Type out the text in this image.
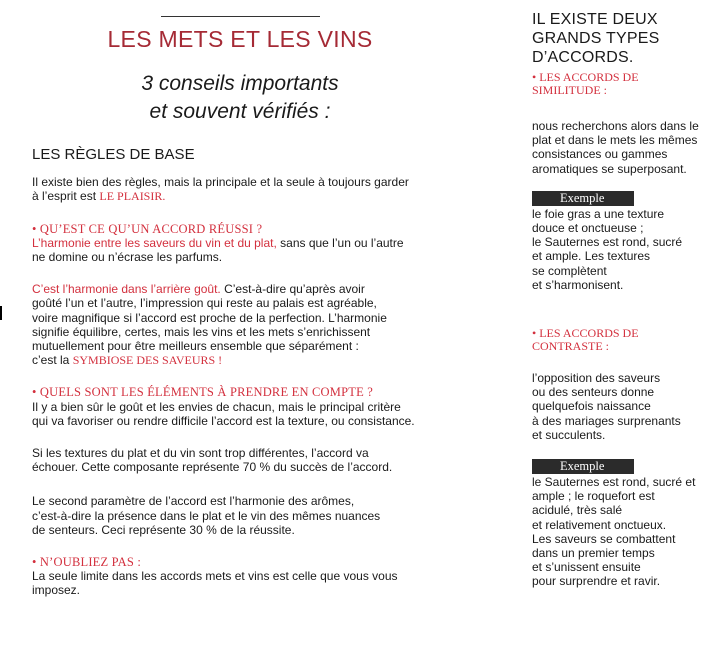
LES METS ET LES VINS
3 conseils importants
et souvent vérifiés :
LES RÈGLES DE BASE

Il existe bien des règles, mais la principale et la seule à toujours garder
à l’esprit est LE PLAISIR.

• QU’EST CE QU’UN ACCORD RÉUSSI ?

L’harmonie entre les saveurs du vin et du plat, sans que l’un ou l’autre
ne domine ou n’écrase les parfums.

C’est l’harmonie dans l’arrière goût. C’est-à-dire qu’après avoir
goûté l’un et l’autre, l’impression qui reste au palais est agréable,
voire magnifique si l’accord est proche de la perfection. L’harmonie
signifie équilibre, certes, mais les vins et les mets s’enrichissent
mutuellement pour être meilleurs ensemble que séparément :
c’est la SYMBIOSE DES SAVEURS !

• QUELS SONT LES ÉLÉMENTS À PRENDRE EN COMPTE ?

Il y a bien sûr le goût et les envies de chacun, mais le principal critère
qui va favoriser ou rendre difficile l’accord est la texture, ou consistance.

Si les textures du plat et du vin sont trop différentes, l’accord va
échouer. Cette composante représente 70 % du succès de l’accord.

Le second paramètre de l’accord est l’harmonie des arômes,
c’est-à-dire la présence dans le plat et le vin des mêmes nuances
de senteurs. Ceci représente 30 % de la réussite.

• N’OUBLIEZ PAS :

La seule limite dans les accords mets et vins est celle que vous vous
imposez.

IL EXISTE DEUX
GRANDS TYPES
D’ACCORDS.
• LES ACCORDS DE
SIMILITUDE :

nous recherchons alors dans le
plat et dans le mets les mêmes
consistances ou gammes
aromatiques se superposant.

Exemple

le foie gras a une texture
douce et onctueuse ;
le Sauternes est rond, sucré
et ample. Les textures
se complètent
et s’harmonisent.

• LES ACCORDS DE
CONTRASTE :

l’opposition des saveurs
ou des senteurs donne
quelquefois naissance
à des mariages surprenants
et succulents.

Exemple

le Sauternes est rond, sucré et
ample ; le roquefort est
acidulé, très salé
et relativement onctueux.
Les saveurs se combattent
dans un premier temps
et s’unissent ensuite
pour surprendre et ravir.
